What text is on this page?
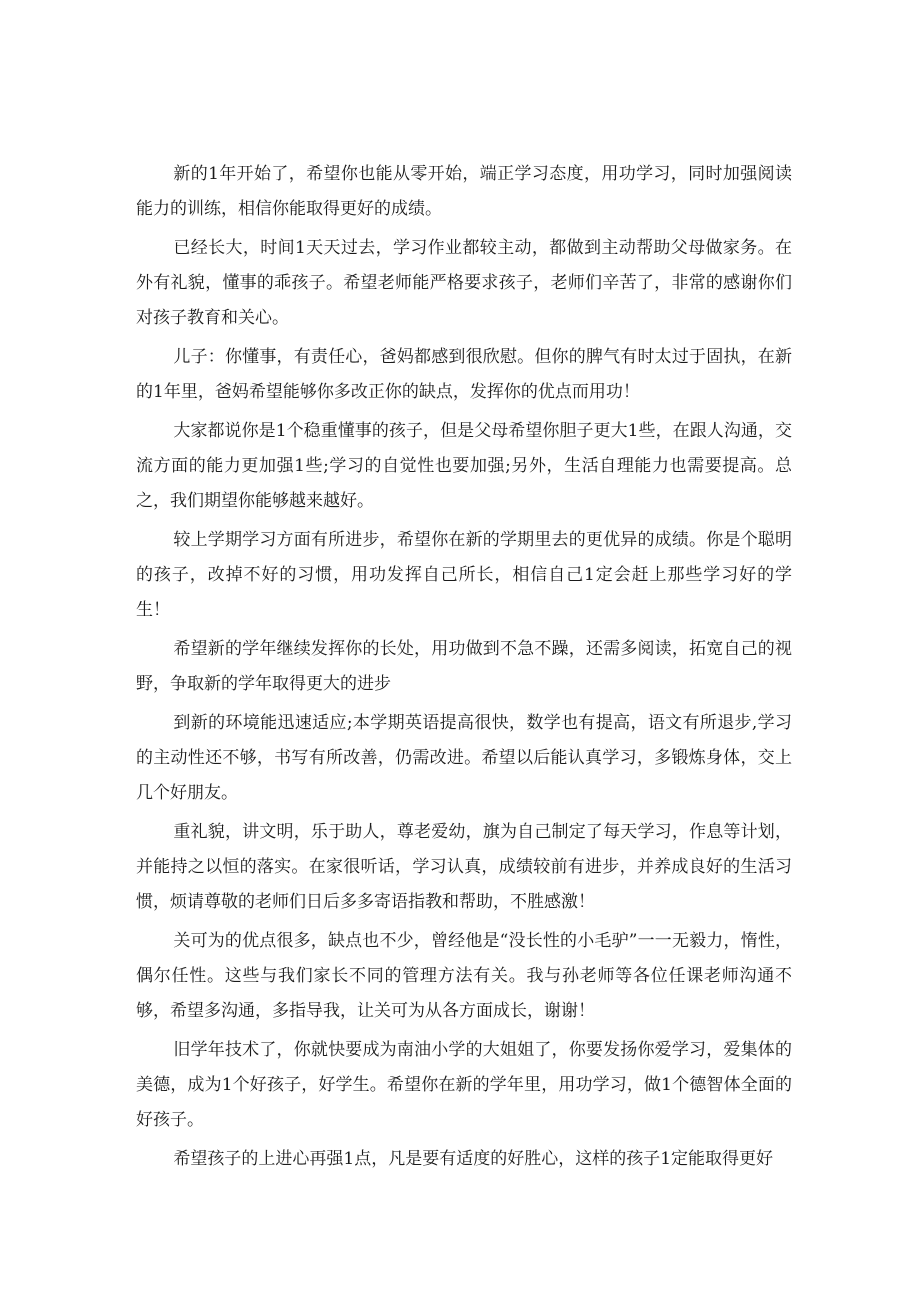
新的1年开始了，希望你也能从零开始，端正学习态度，用功学习，同时加强阅读能力的训练，相信你能取得更好的成绩。

已经长大，时间1天天过去，学习作业都较主动，都做到主动帮助父母做家务。在外有礼貌，懂事的乖孩子。希望老师能严格要求孩子，老师们辛苦了，非常的感谢你们对孩子教育和关心。

儿子：你懂事，有责任心，爸妈都感到很欣慰。但你的脾气有时太过于固执，在新的1年里，爸妈希望能够你多改正你的缺点，发挥你的优点而用功！

大家都说你是1个稳重懂事的孩子，但是父母希望你胆子更大1些，在跟人沟通，交流方面的能力更加强1些;学习的自觉性也要加强;另外，生活自理能力也需要提高。总之，我们期望你能够越来越好。

较上学期学习方面有所进步，希望你在新的学期里去的更优异的成绩。你是个聪明的孩子，改掉不好的习惯，用功发挥自己所长，相信自己1定会赶上那些学习好的学生！

希望新的学年继续发挥你的长处，用功做到不急不躁，还需多阅读，拓宽自己的视野，争取新的学年取得更大的进步

到新的环境能迅速适应;本学期英语提高很快，数学也有提高，语文有所退步,学习的主动性还不够，书写有所改善，仍需改进。希望以后能认真学习，多锻炼身体，交上几个好朋友。

重礼貌，讲文明，乐于助人，尊老爱幼，旗为自己制定了每天学习，作息等计划，并能持之以恒的落实。在家很听话，学习认真，成绩较前有进步，并养成良好的生活习惯，烦请尊敬的老师们日后多多寄语指教和帮助，不胜感激！

关可为的优点很多，缺点也不少，曾经他是“没长性的小毛驴”一一无毅力，惰性，偶尔任性。这些与我们家长不同的管理方法有关。我与孙老师等各位任课老师沟通不够，希望多沟通，多指导我，让关可为从各方面成长，谢谢！

旧学年技术了，你就快要成为南油小学的大姐姐了，你要发扬你爱学习，爱集体的美德，成为1个好孩子，好学生。希望你在新的学年里，用功学习，做1个德智体全面的好孩子。

希望孩子的上进心再强1点，凡是要有适度的好胜心，这样的孩子1定能取得更好
